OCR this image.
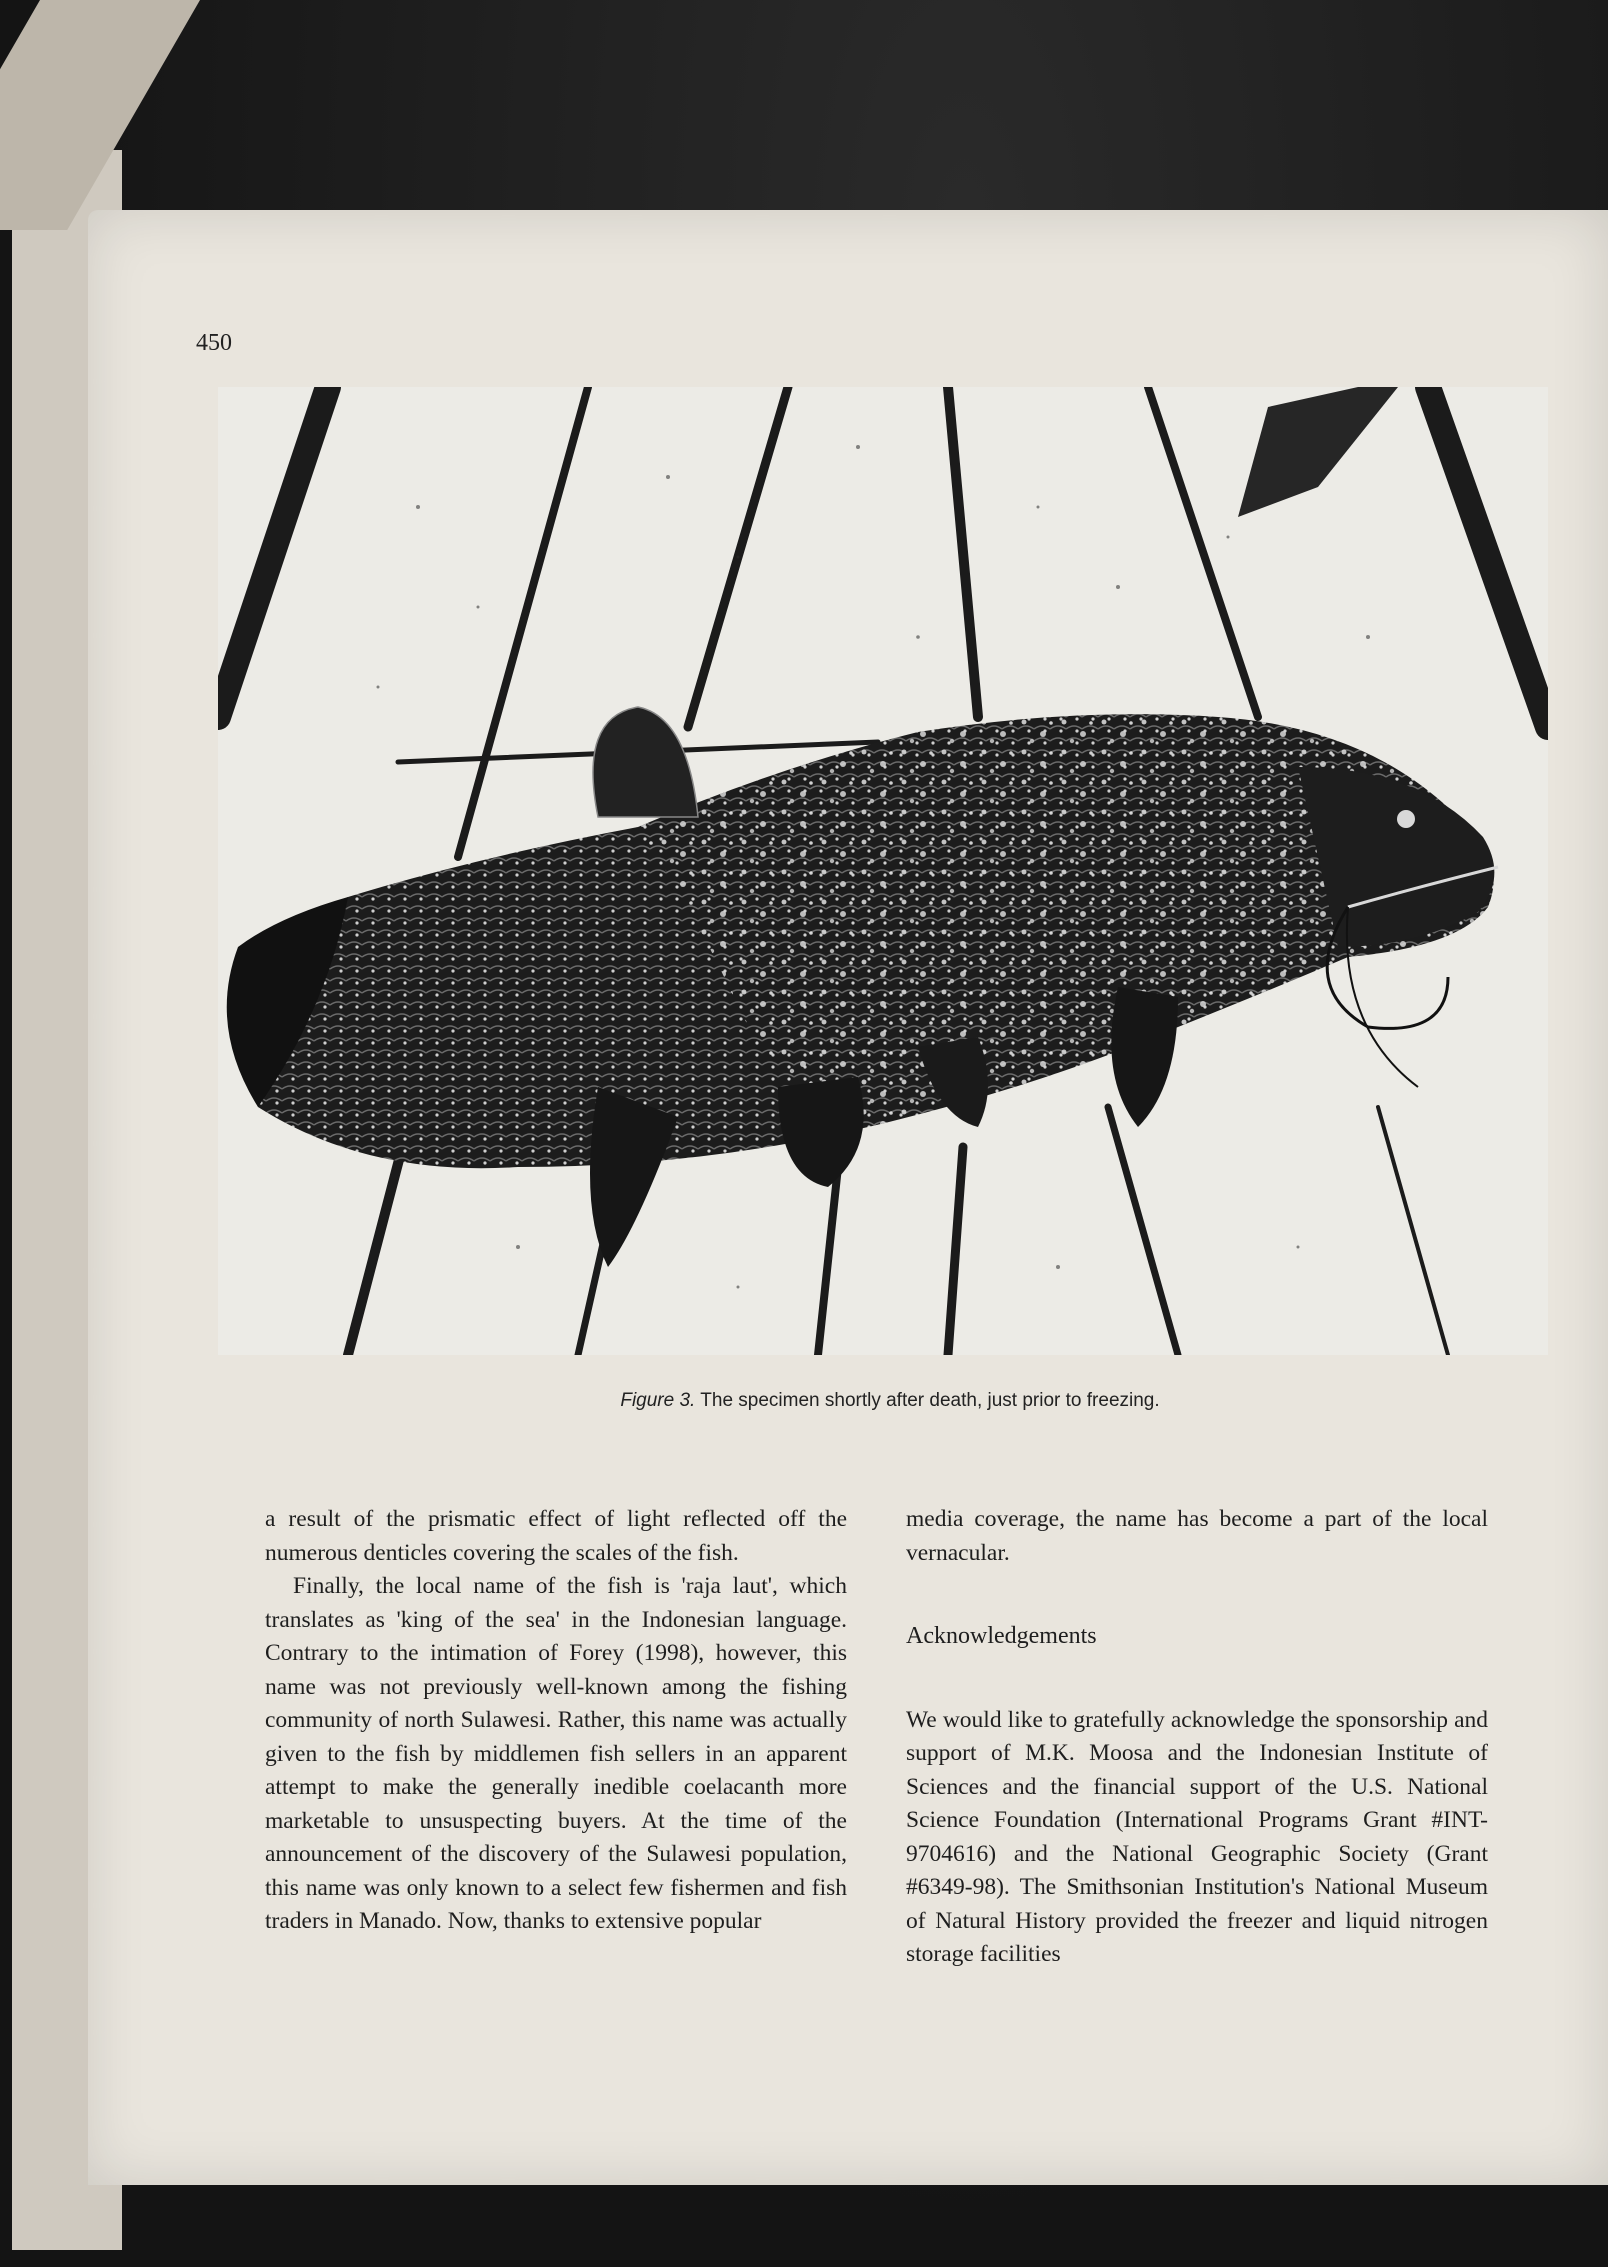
450
Figure 3. The specimen shortly after death, just prior to freezing.

a result of the prismatic effect of light reflected off the numerous denticles covering the scales of the fish.

Finally, the local name of the fish is 'raja laut', which translates as 'king of the sea' in the Indonesian language. Contrary to the intimation of Forey (1998), however, this name was not previously well-known among the fishing community of north Sulawesi. Rather, this name was actually given to the fish by middlemen fish sellers in an apparent attempt to make the generally inedible coelacanth more marketable to unsuspecting buyers. At the time of the announcement of the discovery of the Sulawesi population, this name was only known to a select few fishermen and fish traders in Manado. Now, thanks to extensive popular

media coverage, the name has become a part of the local vernacular.

Acknowledgements

We would like to gratefully acknowledge the sponsorship and support of M.K. Moosa and the Indonesian Institute of Sciences and the financial support of the U.S. National Science Foundation (International Programs Grant #INT-9704616) and the National Geographic Society (Grant #6349-98). The Smithsonian Institution's National Museum of Natural History provided the freezer and liquid nitrogen storage facilities
